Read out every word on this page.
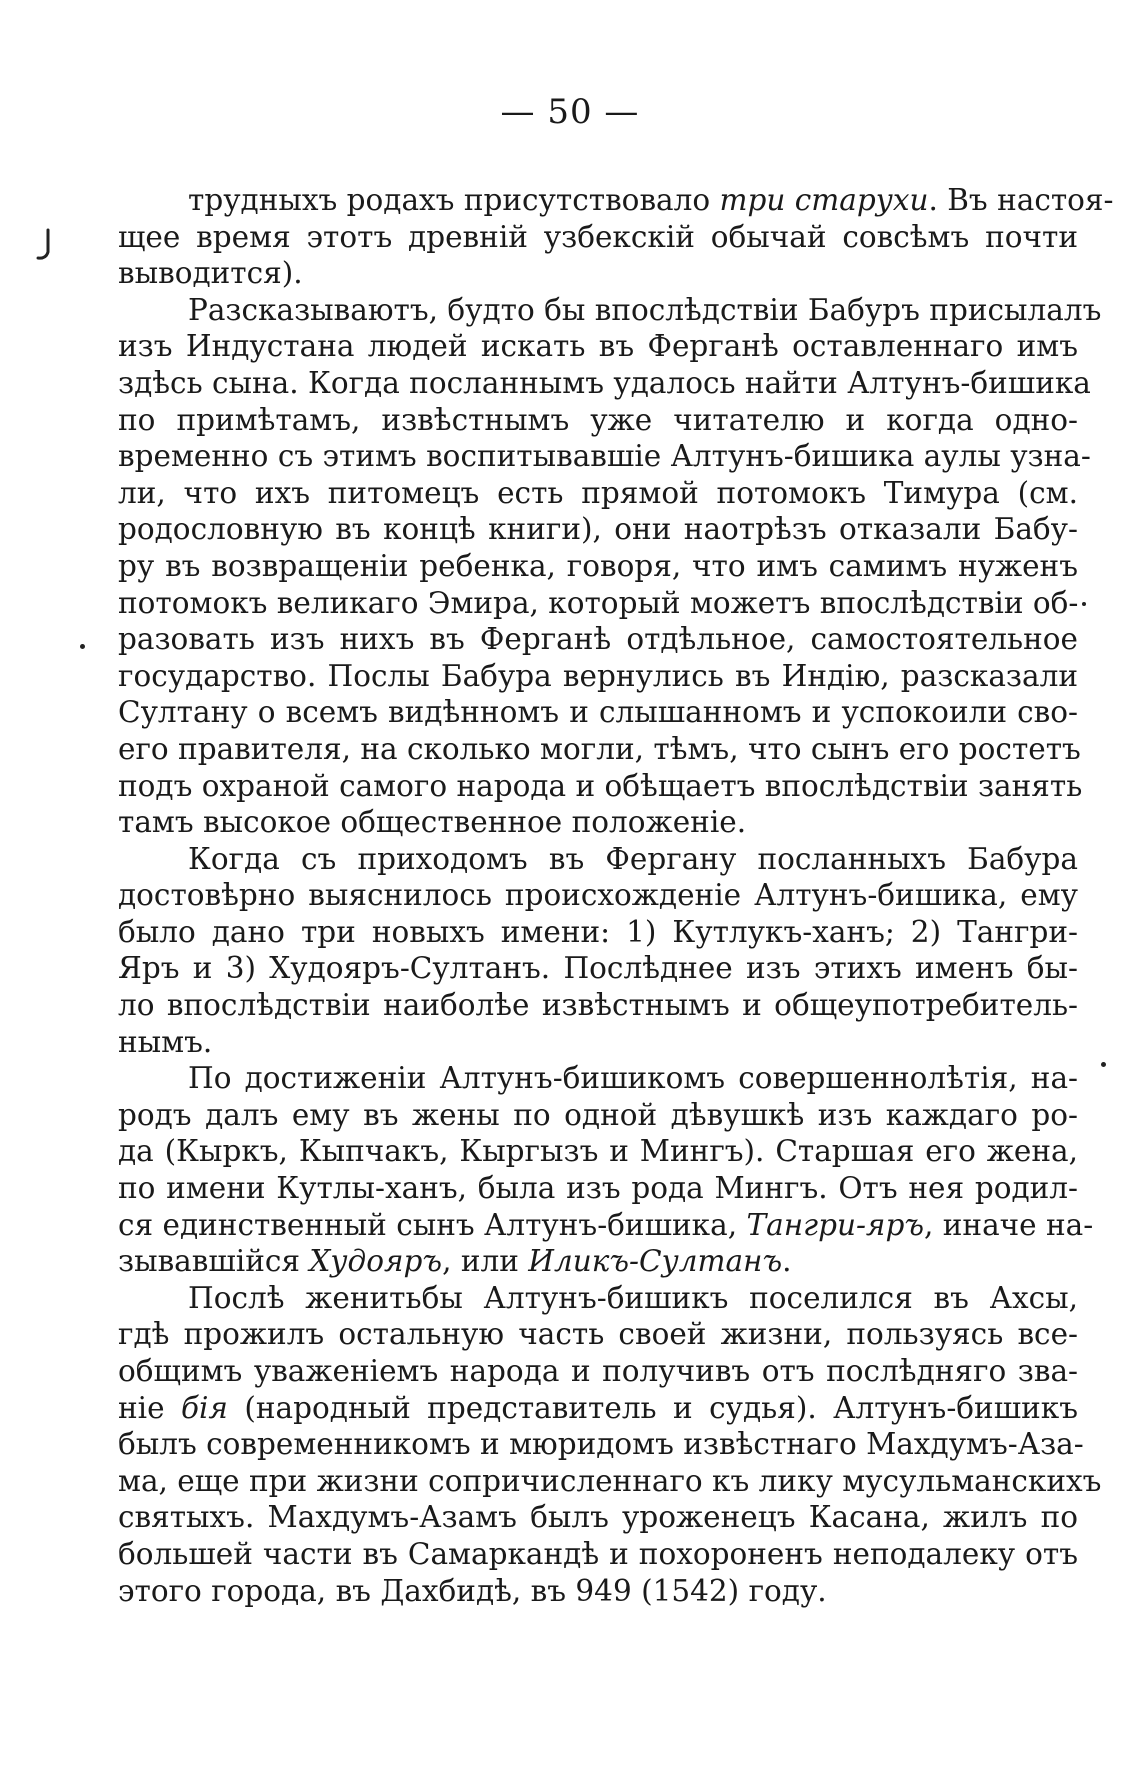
— 50 —
трудныхъ родахъ присутствовало три старухи. Въ настоя-
щее время этотъ древній узбекскій обычай совсѣмъ почти
выводится).
Разсказываютъ, будто бы впослѣдствіи Бабуръ присылалъ
изъ Индустана людей искать въ Ферганѣ оставленнаго имъ
здѣсь сына. Когда посланнымъ удалось найти Алтунъ-бишика
по примѣтамъ, извѣстнымъ уже читателю и когда одно-
временно съ этимъ воспитывавшіе Алтунъ-бишика аулы узна-
ли, что ихъ питомецъ есть прямой потомокъ Тимура (см.
родословную въ концѣ книги), они наотрѣзъ отказали Бабу-
ру въ возвращеніи ребенка, говоря, что имъ самимъ нуженъ
потомокъ великаго Эмира, который можетъ впослѣдствіи об-
разовать изъ нихъ въ Ферганѣ отдѣльное, самостоятельное
государство. Послы Бабура вернулись въ Индію, разсказали
Султану о всемъ видѣнномъ и слышанномъ и успокоили сво-
его правителя, на сколько могли, тѣмъ, что сынъ его ростетъ
подъ охраной самого народа и обѣщаетъ впослѣдствіи занять
тамъ высокое общественное положеніе.
Когда съ приходомъ въ Фергану посланныхъ Бабура
достовѣрно выяснилось происхожденіе Алтунъ-бишика, ему
было дано три новыхъ имени: 1) Кутлукъ-ханъ; 2) Тангри-
Яръ и 3) Худояръ-Султанъ. Послѣднее изъ этихъ именъ бы-
ло впослѣдствіи наиболѣе извѣстнымъ и общеупотребитель-
нымъ.
По достиженіи Алтунъ-бишикомъ совершеннолѣтія, на-
родъ далъ ему въ жены по одной дѣвушкѣ изъ каждаго ро-
да (Кыркъ, Кыпчакъ, Кыргызъ и Мингъ). Старшая его жена,
по имени Кутлы-ханъ, была изъ рода Мингъ. Отъ нея родил-
ся единственный сынъ Алтунъ-бишика, Тангри-яръ, иначе на-
зывавшійся Худояръ, или Иликъ-Султанъ.
Послѣ женитьбы Алтунъ-бишикъ поселился въ Ахсы,
гдѣ прожилъ остальную часть своей жизни, пользуясь все-
общимъ уваженіемъ народа и получивъ отъ послѣдняго зва-
ніе бія (народный представитель и судья). Алтунъ-бишикъ
былъ современникомъ и мюридомъ извѣстнаго Махдумъ-Аза-
ма, еще при жизни сопричисленнаго къ лику мусульманскихъ
святыхъ. Махдумъ-Азамъ былъ уроженецъ Касана, жилъ по
большей части въ Самаркандѣ и похороненъ неподалеку отъ
этого города, въ Дахбидѣ, въ 949 (1542) году.
